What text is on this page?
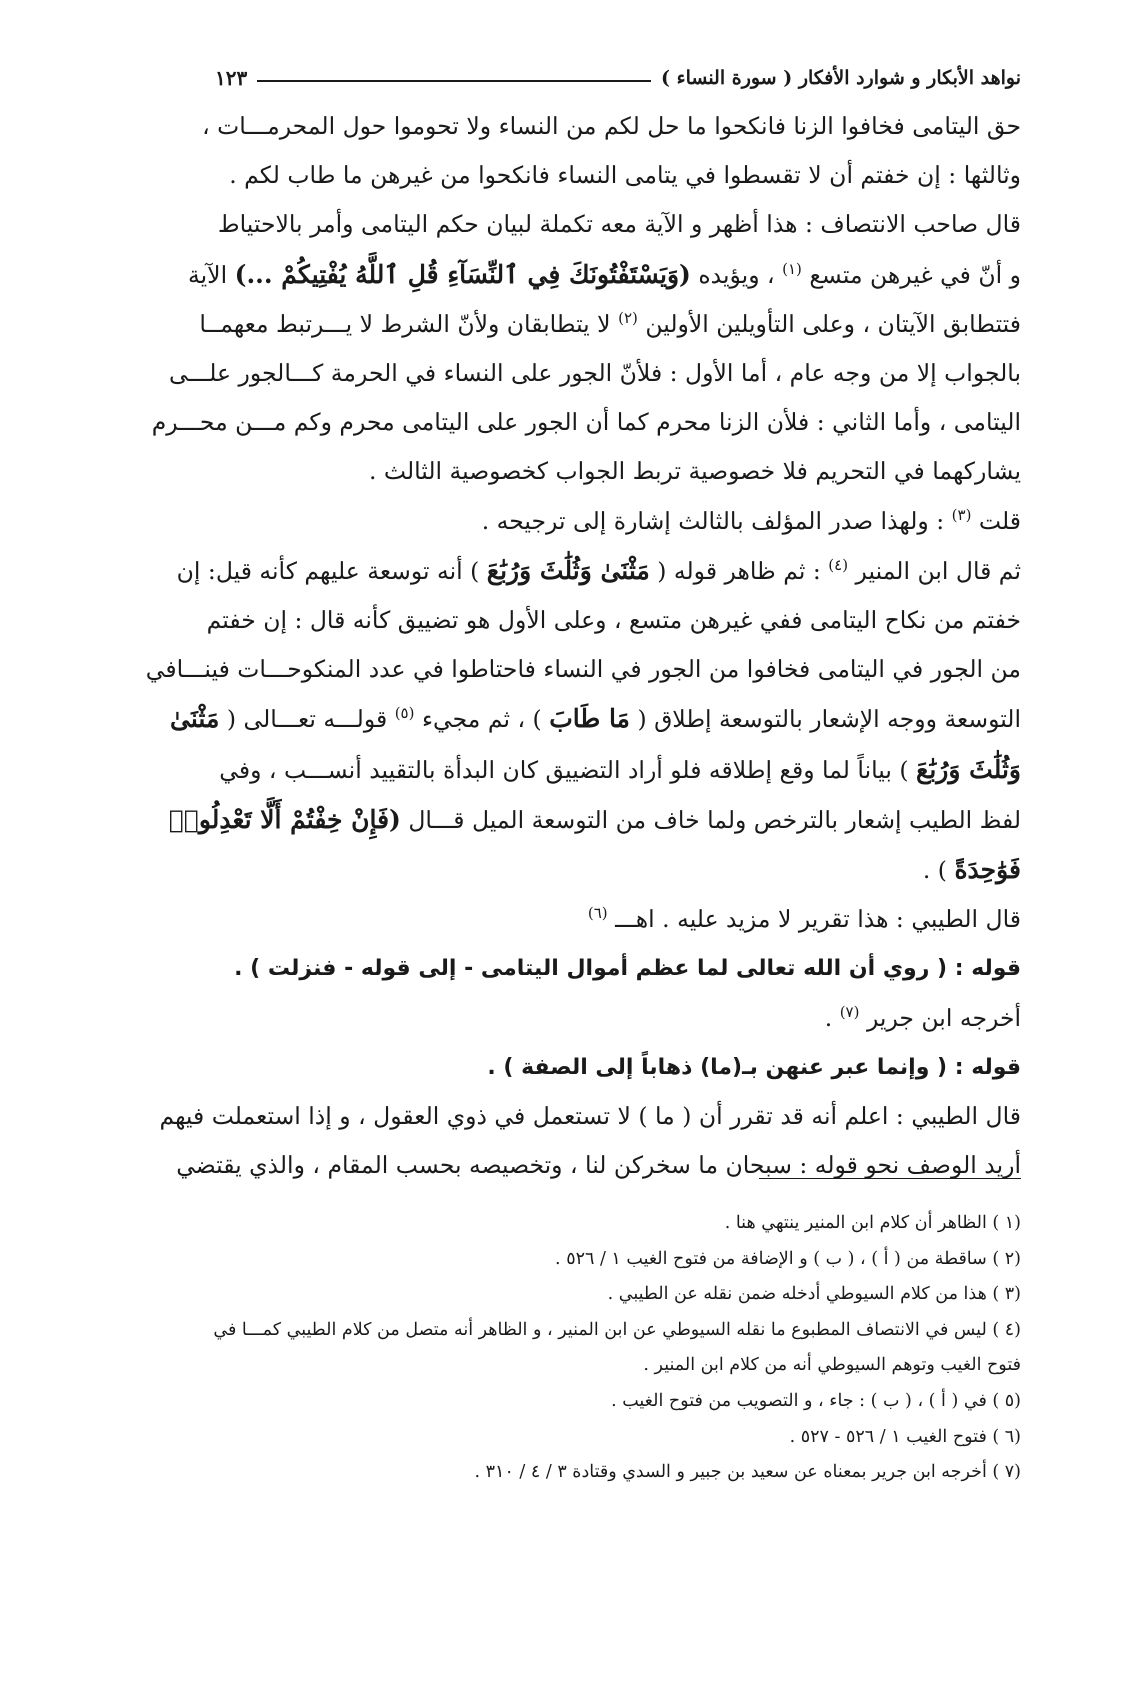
نواهد الأبكار و شوارد الأفكار ( سورة النساء )
١٢٣

حق اليتامى فخافوا الزنا فانكحوا ما حل لكم من النساء ولا تحوموا حول المحرمـــات ،

وثالثها : إن خفتم أن لا تقسطوا في يتامى النساء فانكحوا من غيرهن ما طاب لكم .

قال صاحب الانتصاف : هذا أظهر و الآية معه تكملة لبيان حكم اليتامى وأمر بالاحتياط

و أنّ في غيرهن متسع $^{(١)}$ ، ويؤيده (وَيَسْتَفْتُونَكَ فِي ٱلنِّسَآءِ قُلِ ٱللَّهُ يُفْتِيكُمْ ...) الآية

فتتطابق الآيتان ، وعلى التأويلين الأولين $^{(٢)}$ لا يتطابقان ولأنّ الشرط لا يـــرتبط معهمــا

بالجواب إلا من وجه عام ، أما الأول : فلأنّ الجور على النساء في الحرمة كـــالجور علـــى

اليتامى ، وأما الثاني : فلأن الزنا محرم كما أن الجور على اليتامى محرم وكم مـــن محـــرم

يشاركهما في التحريم فلا خصوصية تربط الجواب كخصوصية الثالث .

قلت $^{(٣)}$ : ولهذا صدر المؤلف بالثالث إشارة إلى ترجيحه .

ثم قال ابن المنير $^{(٤)}$ : ثم ظاهر قوله ( مَثْنَىٰ وَثُلَٰثَ وَرُبَٰعَ ) أنه توسعة عليهم كأنه قيل: إن

خفتم من نكاح اليتامى ففي غيرهن متسع ، وعلى الأول هو تضييق كأنه قال : إن خفتم

من الجور في اليتامى فخافوا من الجور في النساء فاحتاطوا في عدد المنكوحـــات فينـــافي

التوسعة ووجه الإشعار بالتوسعة إطلاق ( مَا طَابَ ) ، ثم مجيء $^{(٥)}$ قولـــه تعـــالى ( مَثْنَىٰ

وَثُلَٰثَ وَرُبَٰعَ ) بياناً لما وقع إطلاقه فلو أراد التضييق كان البدأة بالتقييد أنســـب ، وفي

لفظ الطيب إشعار بالترخص ولما خاف من التوسعة الميل قـــال (فَإِنْ خِفْتُمْ أَلَّا تَعْدِلُوا۟

فَوَٰحِدَةً ) .

قال الطيبي : هذا تقرير لا مزيد عليه . اهـــ $^{(٦)}$

قوله : ( روي أن الله تعالى لما عظم أموال اليتامى - إلى قوله - فنزلت ) .

أخرجه ابن جرير $^{(٧)}$ .

قوله : ( وإنما عبر عنهن بـ(ما) ذهاباً إلى الصفة ) .

قال الطيبي : اعلم أنه قد تقرر أن ( ما ) لا تستعمل في ذوي العقول ، و إذا استعملت فيهم

أريد الوصف نحو قوله : سبحان ما سخركن لنا ، وتخصيصه بحسب المقام ، والذي يقتضي

(١ ) الظاهر أن كلام ابن المنير ينتهي هنا .

(٢ ) ساقطة من ( أ ) ، ( ب ) و الإضافة من فتوح الغيب ١ / ٥٢٦ .

(٣ ) هذا من كلام السيوطي أدخله ضمن نقله عن الطيبي .

(٤ ) ليس في الانتصاف المطبوع ما نقله السيوطي عن ابن المنير ، و الظاهر أنه متصل من كلام الطيبي كمـــا في

فتوح الغيب وتوهم السيوطي أنه من كلام ابن المنير .

(٥ ) في ( أ ) ، ( ب ) : جاء ، و التصويب من فتوح الغيب .

(٦ ) فتوح الغيب ١ / ٥٢٦ - ٥٢٧ .

(٧ ) أخرجه ابن جرير بمعناه عن سعيد بن جبير و السدي وقتادة ٣ / ٤ / ٣١٠ .
